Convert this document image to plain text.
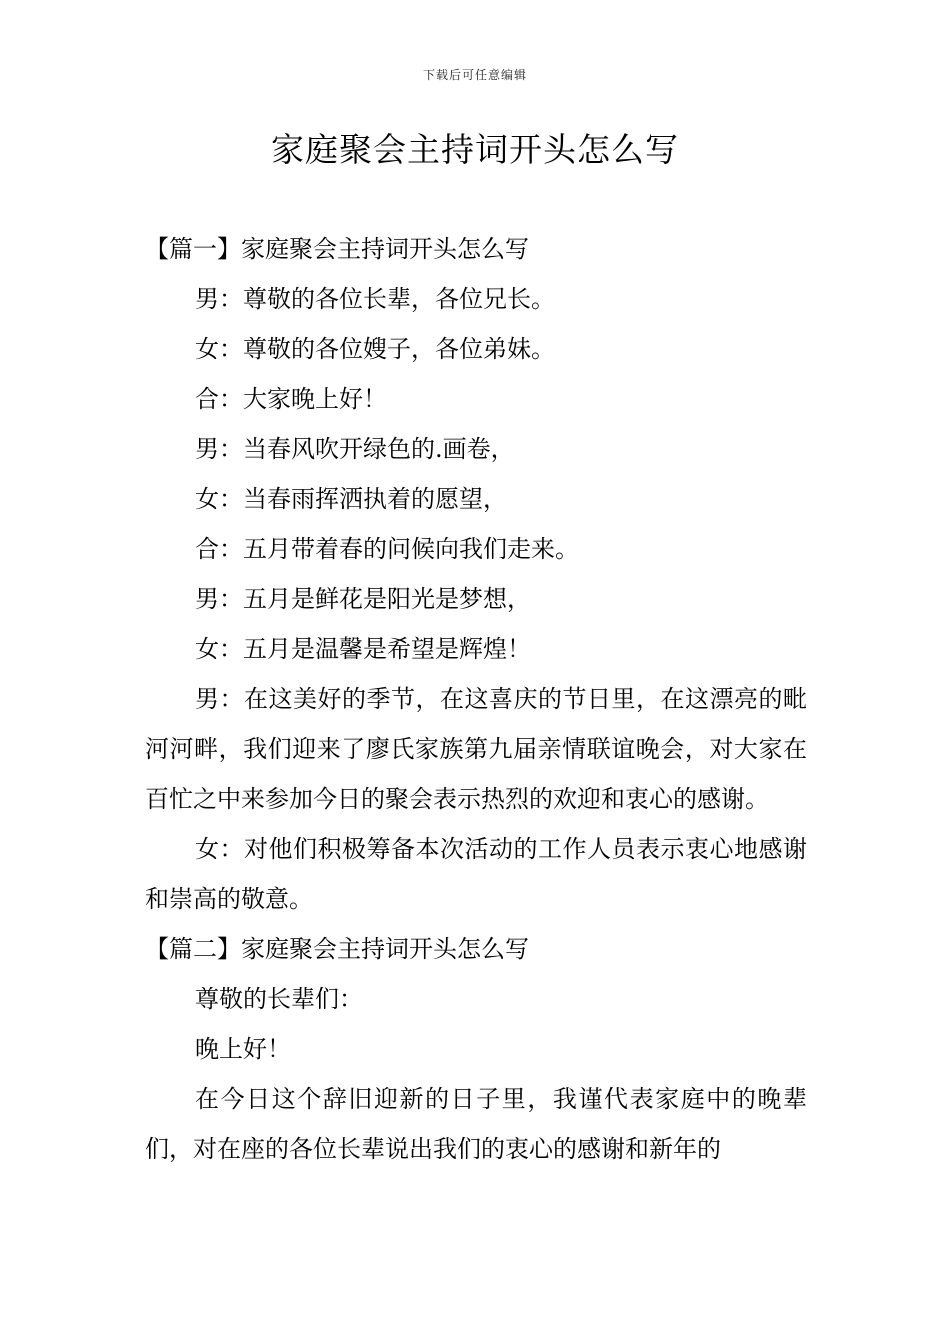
下载后可任意编辑
家庭聚会主持词开头怎么写

【篇一】家庭聚会主持词开头怎么写

男：尊敬的各位长辈，各位兄长。

女：尊敬的各位嫂子，各位弟妹。

合：大家晚上好！

男：当春风吹开绿色的.画卷，

女：当春雨挥洒执着的愿望，

合：五月带着春的问候向我们走来。

男：五月是鲜花是阳光是梦想，

女：五月是温馨是希望是辉煌！

男：在这美好的季节，在这喜庆的节日里，在这漂亮的毗河河畔，我们迎来了廖氏家族第九届亲情联谊晚会，对大家在百忙之中来参加今日的聚会表示热烈的欢迎和衷心的感谢。

女：对他们积极筹备本次活动的工作人员表示衷心地感谢和崇高的敬意。

【篇二】家庭聚会主持词开头怎么写

尊敬的长辈们：

晚上好！

在今日这个辞旧迎新的日子里，我谨代表家庭中的晚辈们，对在座的各位长辈说出我们的衷心的感谢和新年的
